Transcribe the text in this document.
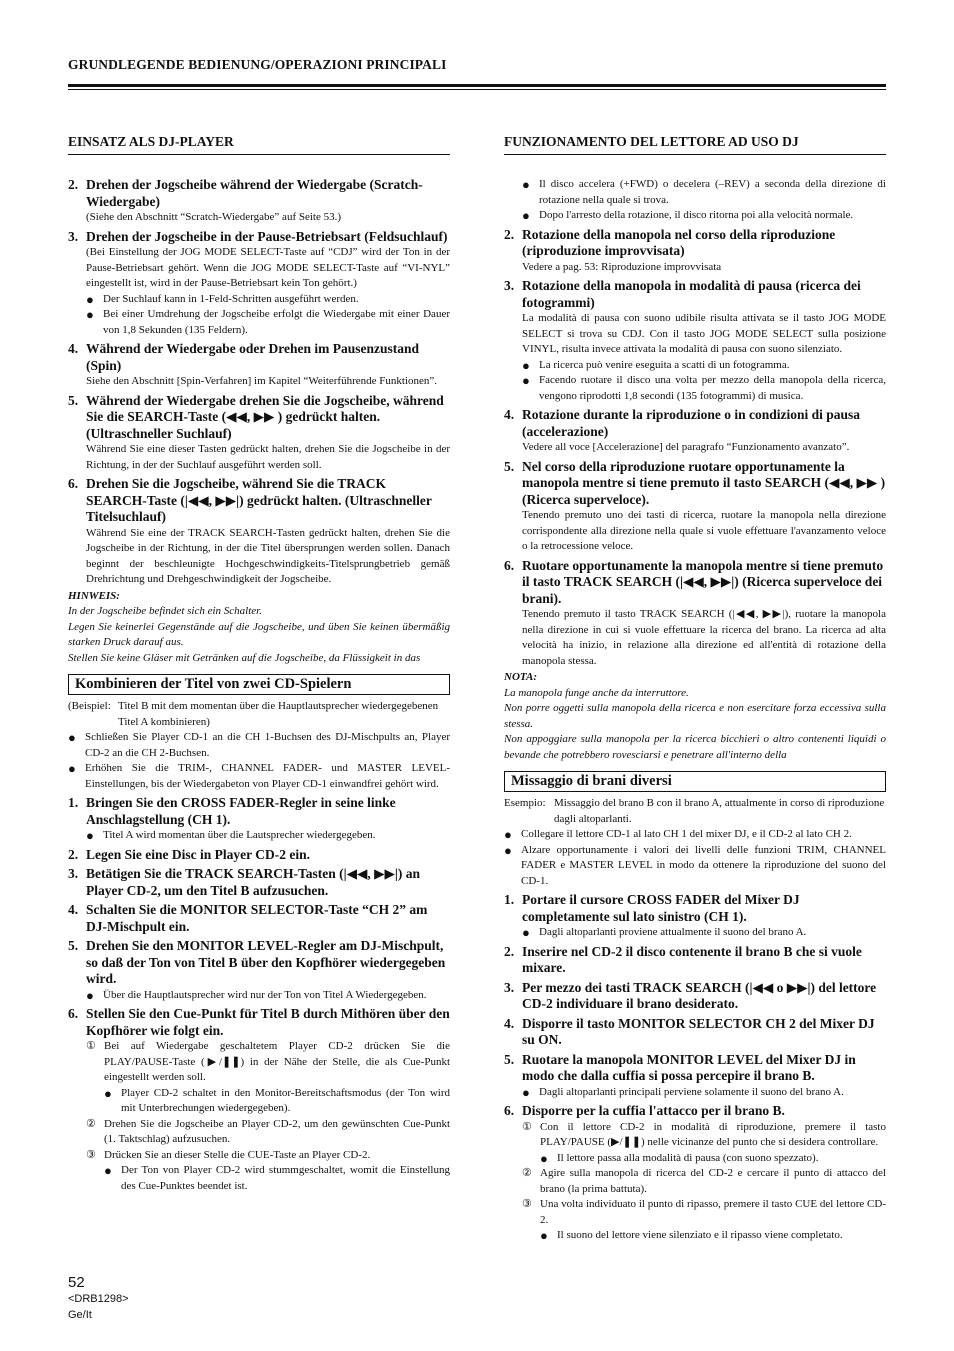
GRUNDLEGENDE BEDIENUNG/OPERAZIONI PRINCIPALI
EINSATZ ALS DJ-PLAYER
2. Drehen der Jogscheibe während der Wiedergabe (Scratch-Wiedergabe)
(Siehe den Abschnitt “Scratch-Wiedergabe” auf Seite 53.)
3. Drehen der Jogscheibe in der Pause-Betriebsart (Feldsuchlauf)
(Bei Einstellung der JOG MODE SELECT-Taste auf “CDJ” wird der Ton in der Pause-Betriebsart gehört. Wenn die JOG MODE SELECT-Taste auf “VI-NYL” eingestellt ist, wird in der Pause-Betriebsart kein Ton gehört.)
● Der Suchlauf kann in 1-Feld-Schritten ausgeführt werden.
● Bei einer Umdrehung der Jogscheibe erfolgt die Wiedergabe mit einer Dauer von 1,8 Sekunden (135 Feldern).
4. Während der Wiedergabe oder Drehen im Pausenzustand (Spin)
Siehe den Abschnitt [Spin-Verfahren] im Kapitel “Weiterführende Funktionen”.
5. Während der Wiedergabe drehen Sie die Jogscheibe, während Sie die SEARCH-Taste (◀◀, ▶▶ ) gedrückt halten. (Ultraschneller Suchlauf)
Während Sie eine dieser Tasten gedrückt halten, drehen Sie die Jogscheibe in der Richtung, in der der Suchlauf ausgeführt werden soll.
6. Drehen Sie die Jogscheibe, während Sie die TRACK SEARCH-Taste (|◀◀, ▶▶|) gedrückt halten. (Ultraschneller Titelsuchlauf)
Während Sie eine der TRACK SEARCH-Tasten gedrückt halten, drehen Sie die Jogscheibe in der Richtung, in der die Titel übersprungen werden sollen. Danach beginnt der beschleunigte Hochgeschwindigkeits-Titelsprungbetrieb gemäß Drehrichtung und Drehgeschwindigkeit der Jogscheibe.
HINWEIS:
In der Jogscheibe befindet sich ein Schalter.
Legen Sie keinerlei Gegenstände auf die Jogscheibe, und üben Sie keinen übermäßig starken Druck darauf aus.
Stellen Sie keine Gläser mit Getränken auf die Jogscheibe, da Flüssigkeit in das
Kombinieren der Titel von zwei CD-Spielern
(Beispiel: Titel B mit dem momentan über die Hauptlautsprecher wiedergegebenen Titel A kombinieren)
● Schließen Sie Player CD-1 an die CH 1-Buchsen des DJ-Mischpults an, Player CD-2 an die CH 2-Buchsen.
● Erhöhen Sie die TRIM-, CHANNEL FADER- und MASTER LEVEL-Einstellungen, bis der Wiedergabeton von Player CD-1 einwandfrei gehört wird.
1. Bringen Sie den CROSS FADER-Regler in seine linke Anschlagstellung (CH 1).
● Titel A wird momentan über die Lautsprecher wiedergegeben.
2. Legen Sie eine Disc in Player CD-2 ein.
3. Betätigen Sie die TRACK SEARCH-Tasten (|◀◀, ▶▶|) an Player CD-2, um den Titel B aufzusuchen.
4. Schalten Sie die MONITOR SELECTOR-Taste “CH 2” am DJ-Mischpult ein.
5. Drehen Sie den MONITOR LEVEL-Regler am DJ-Mischpult, so daß der Ton von Titel B über den Kopfhörer wiedergegeben wird.
● Über die Hauptlautsprecher wird nur der Ton von Titel A Wiedergegeben.
6. Stellen Sie den Cue-Punkt für Titel B durch Mithören über den Kopfhörer wie folgt ein.
① Bei auf Wiedergabe geschaltetem Player CD-2 drücken Sie die PLAY/PAUSE-Taste (▶/❚❚) in der Nähe der Stelle, die als Cue-Punkt eingestellt werden soll.
● Player CD-2 schaltet in den Monitor-Bereitschaftsmodus (der Ton wird mit Unterbrechungen wiedergegeben).
② Drehen Sie die Jogscheibe an Player CD-2, um den gewünschten Cue-Punkt (1. Taktschlag) aufzusuchen.
③ Drücken Sie an dieser Stelle die CUE-Taste an Player CD-2.
● Der Ton von Player CD-2 wird stummgeschaltet, womit die Einstellung des Cue-Punktes beendet ist.
FUNZIONAMENTO DEL LETTORE AD USO DJ
● Il disco accelera (+FWD) o decelera (–REV) a seconda della direzione di rotazione nella quale si trova.
● Dopo l'arresto della rotazione, il disco ritorna poi alla velocità normale.
2. Rotazione della manopola nel corso della riproduzione (riproduzione improvvisata)
Vedere a pag. 53: Riproduzione improvvisata
3. Rotazione della manopola in modalità di pausa (ricerca dei fotogrammi)
La modalità di pausa con suono udibile risulta attivata se il tasto JOG MODE SELECT si trova su CDJ. Con il tasto JOG MODE SELECT sulla posizione VINYL, risulta invece attivata la modalità di pausa con suono silenziato.
● La ricerca può venire eseguita a scatti di un fotogramma.
● Facendo ruotare il disco una volta per mezzo della manopola della ricerca, vengono riprodotti 1,8 secondi (135 fotogrammi) di musica.
4. Rotazione durante la riproduzione o in condizioni di pausa (accelerazione)
Vedere all voce [Accelerazione] del paragrafo “Funzionamento avanzato”.
5. Nel corso della riproduzione ruotare opportunamente la manopola mentre si tiene premuto il tasto SEARCH (◀◀, ▶▶ ) (Ricerca superveloce).
Tenendo premuto uno dei tasti di ricerca, ruotare la manopola nella direzione corrispondente alla direzione nella quale si vuole effettuare l'avanzamento veloce o la retrocessione veloce.
6. Ruotare opportunamente la manopola mentre si tiene premuto il tasto TRACK SEARCH (|◀◀, ▶▶|) (Ricerca superveloce dei brani).
Tenendo premuto il tasto TRACK SEARCH (|◀◀, ▶▶|), ruotare la manopola nella direzione in cui si vuole effettuare la ricerca del brano. La ricerca ad alta velocità ha inizio, in relazione alla direzione ed all'entità di rotazione della manopola stessa.
NOTA:
La manopola funge anche da interruttore.
Non porre oggetti sulla manopola della ricerca e non esercitare forza eccessiva sulla stessa.
Non appoggiare sulla manopola per la ricerca bicchieri o altro contenenti liquidi o bevande che potrebbero rovesciarsi e penetrare all'interno della
Missaggio di brani diversi
Esempio: Missaggio del brano B con il brano A, attualmente in corso di riproduzione dagli altoparlanti.
● Collegare il lettore CD-1 al lato CH 1 del mixer DJ, e il CD-2 al lato CH 2.
● Alzare opportunamente i valori dei livelli delle funzioni TRIM, CHANNEL FADER e MASTER LEVEL in modo da ottenere la riproduzione del suono del CD-1.
1. Portare il cursore CROSS FADER del Mixer DJ completamente sul lato sinistro (CH 1).
● Dagli altoparlanti proviene attualmente il suono del brano A.
2. Inserire nel CD-2 il disco contenente il brano B che si vuole mixare.
3. Per mezzo dei tasti TRACK SEARCH (|◀◀ o ▶▶|) del lettore CD-2 individuare il brano desiderato.
4. Disporre il tasto MONITOR SELECTOR CH 2 del Mixer DJ su ON.
5. Ruotare la manopola MONITOR LEVEL del Mixer DJ in modo che dalla cuffia si possa percepire il brano B.
● Dagli altoparlanti principali perviene solamente il suono del brano A.
6. Disporre per la cuffia l'attacco per il brano B.
① Con il lettore CD-2 in modalità di riproduzione, premere il tasto PLAY/PAUSE (▶/❚❚) nelle vicinanze del punto che si desidera controllare.
● Il lettore passa alla modalità di pausa (con suono spezzato).
② Agire sulla manopola di ricerca del CD-2 e cercare il punto di attacco del brano (la prima battuta).
③ Una volta individuato il punto di ripasso, premere il tasto CUE del lettore CD-2.
● Il suono del lettore viene silenziato e il ripasso viene completato.
52
<DRB1298>
Ge/It
